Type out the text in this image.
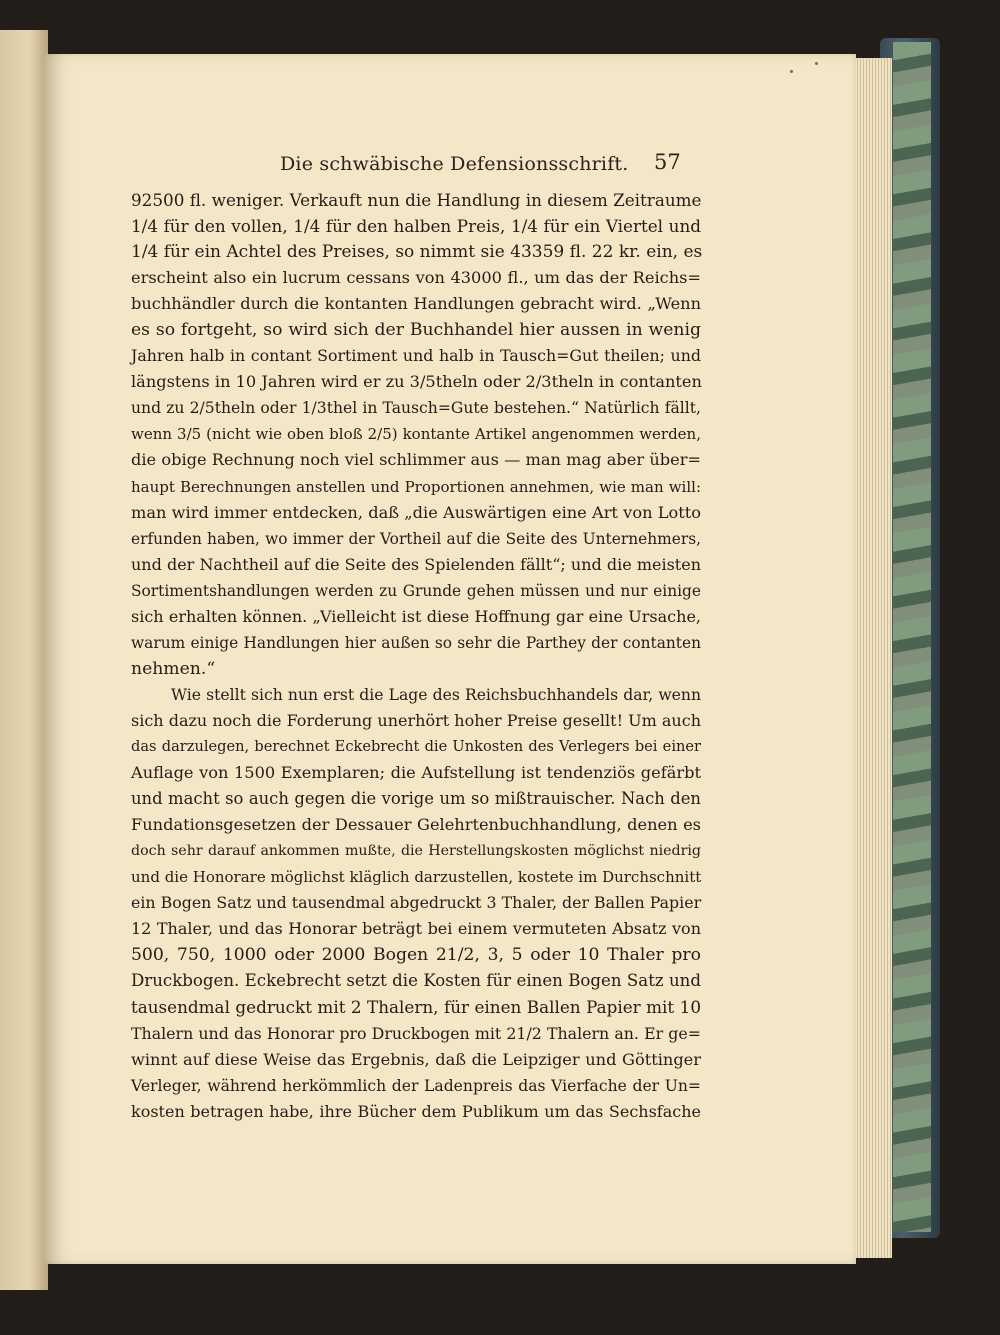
Die schwäbische Defensionsschrift.	57
92500 fl. weniger. Verkauft nun die Handlung in diesem Zeitraume
1/4 für den vollen, 1/4 für den halben Preis, 1/4 für ein Viertel und
1/4 für ein Achtel des Preises, so nimmt sie 43359 fl. 22 kr. ein, es
erscheint also ein lucrum cessans von 43000 fl., um das der Reichs=
buchhändler durch die kontanten Handlungen gebracht wird. „Wenn
es so fortgeht, so wird sich der Buchhandel hier aussen in wenig
Jahren halb in contant Sortiment und halb in Tausch=Gut theilen; und
längstens in 10 Jahren wird er zu 3/5theln oder 2/3theln in contanten
und zu 2/5theln oder 1/3thel in Tausch=Gute bestehen.“ Natürlich fällt,
wenn 3/5 (nicht wie oben bloß 2/5) kontante Artikel angenommen werden,
die obige Rechnung noch viel schlimmer aus — man mag aber über=
haupt Berechnungen anstellen und Proportionen annehmen, wie man will:
man wird immer entdecken, daß „die Auswärtigen eine Art von Lotto
erfunden haben, wo immer der Vortheil auf die Seite des Unternehmers,
und der Nachtheil auf die Seite des Spielenden fällt“; und die meisten
Sortimentshandlungen werden zu Grunde gehen müssen und nur einige
sich erhalten können. „Vielleicht ist diese Hoffnung gar eine Ursache,
warum einige Handlungen hier außen so sehr die Parthey der contanten
nehmen.“
Wie stellt sich nun erst die Lage des Reichsbuchhandels dar, wenn
sich dazu noch die Forderung unerhört hoher Preise gesellt! Um auch
das darzulegen, berechnet Eckebrecht die Unkosten des Verlegers bei einer
Auflage von 1500 Exemplaren; die Aufstellung ist tendenziös gefärbt
und macht so auch gegen die vorige um so mißtrauischer. Nach den
Fundationsgesetzen der Dessauer Gelehrtenbuchhandlung, denen es
doch sehr darauf ankommen mußte, die Herstellungskosten möglichst niedrig
und die Honorare möglichst kläglich darzustellen, kostete im Durchschnitt
ein Bogen Satz und tausendmal abgedruckt 3 Thaler, der Ballen Papier
12 Thaler, und das Honorar beträgt bei einem vermuteten Absatz von
500, 750, 1000 oder 2000 Bogen 21/2, 3, 5 oder 10 Thaler pro
Druckbogen. Eckebrecht setzt die Kosten für einen Bogen Satz und
tausendmal gedruckt mit 2 Thalern, für einen Ballen Papier mit 10
Thalern und das Honorar pro Druckbogen mit 21/2 Thalern an. Er ge=
winnt auf diese Weise das Ergebnis, daß die Leipziger und Göttinger
Verleger, während herkömmlich der Ladenpreis das Vierfache der Un=
kosten betragen habe, ihre Bücher dem Publikum um das Sechsfache
